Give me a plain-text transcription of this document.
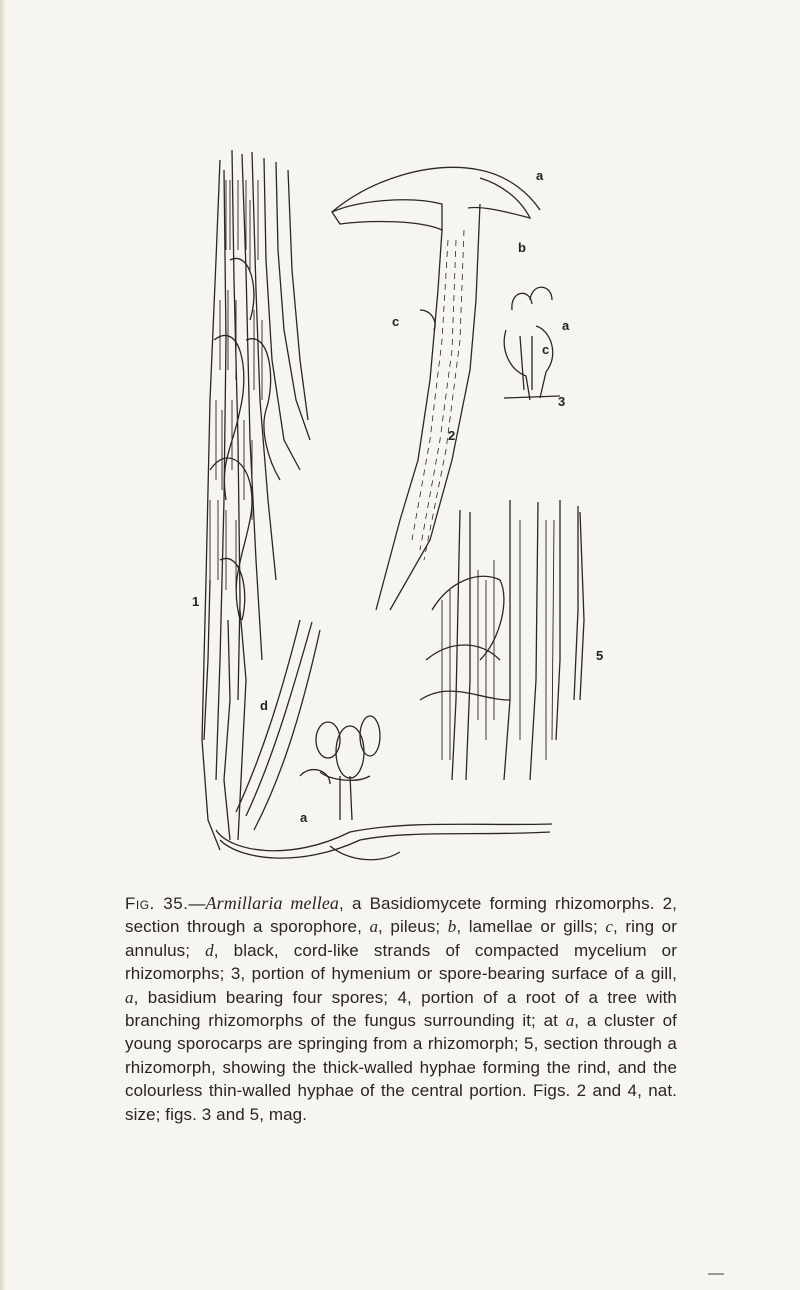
a
b
c	a
c
3
2
1
d
a
5
Fig. 35.—Armillaria mellea, a Basidiomycete forming rhizomorphs. 2, section through a sporophore, a, pileus; b, lamellae or gills; c, ring or annulus; d, black, cord-like strands of compacted mycelium or rhizomorphs; 3, portion of hymenium or spore-bearing surface of a gill, a, basidium bearing four spores; 4, portion of a root of a tree with branching rhizomorphs of the fungus surrounding it; at a, a cluster of young sporocarps are springing from a rhizomorph; 5, section through a rhizomorph, showing the thick-walled hyphae forming the rind, and the colourless thin-walled hyphae of the central portion. Figs. 2 and 4, nat. size; figs. 3 and 5, mag.
